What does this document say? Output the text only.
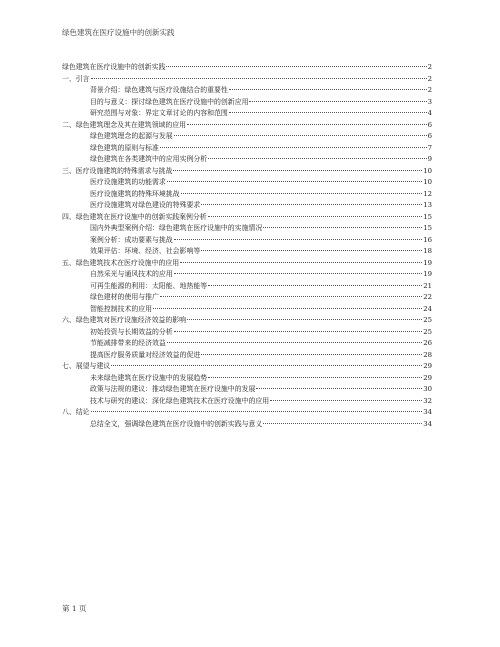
绿色建筑在医疗设施中的创新实践
绿色建筑在医疗设施中的创新实践	2
一、引言	2
背景介绍：绿色建筑与医疗设施结合的重要性	2
目的与意义：探讨绿色建筑在医疗设施中的创新应用	3
研究范围与对象：界定文章讨论的内容和范围	4
二、绿色建筑理念及其在建筑领域的应用	6
绿色建筑理念的起源与发展	6
绿色建筑的原则与标准	7
绿色建筑在各类建筑中的应用实例分析	9
三、医疗设施建筑的特殊需求与挑战	10
医疗设施建筑的功能需求	10
医疗设施建筑的特殊环境挑战	12
医疗设施建筑对绿色建设的特殊要求	13
四、绿色建筑在医疗设施中的创新实践案例分析	15
国内外典型案例介绍：绿色建筑在医疗设施中的实施情况	15
案例分析：成功要素与挑战	16
效果评估：环境、经济、社会影响等	18
五、绿色建筑技术在医疗设施中的应用	19
自然采光与通风技术的应用	19
可再生能源的利用：太阳能、地热能等	21
绿色建材的使用与推广	22
智能控制技术的应用	24
六、绿色建筑对医疗设施经济效益的影响	25
初始投资与长期效益的分析	25
节能减排带来的经济效益	26
提高医疗服务质量对经济效益的促进	28
七、展望与建议	29
未来绿色建筑在医疗设施中的发展趋势	29
政策与法规的建议：推动绿色建筑在医疗设施中的发展	30
技术与研究的建议：深化绿色建筑技术在医疗设施中的应用	32
八、结论	34
总结全文，强调绿色建筑在医疗设施中的创新实践与意义	34
第 1 页
